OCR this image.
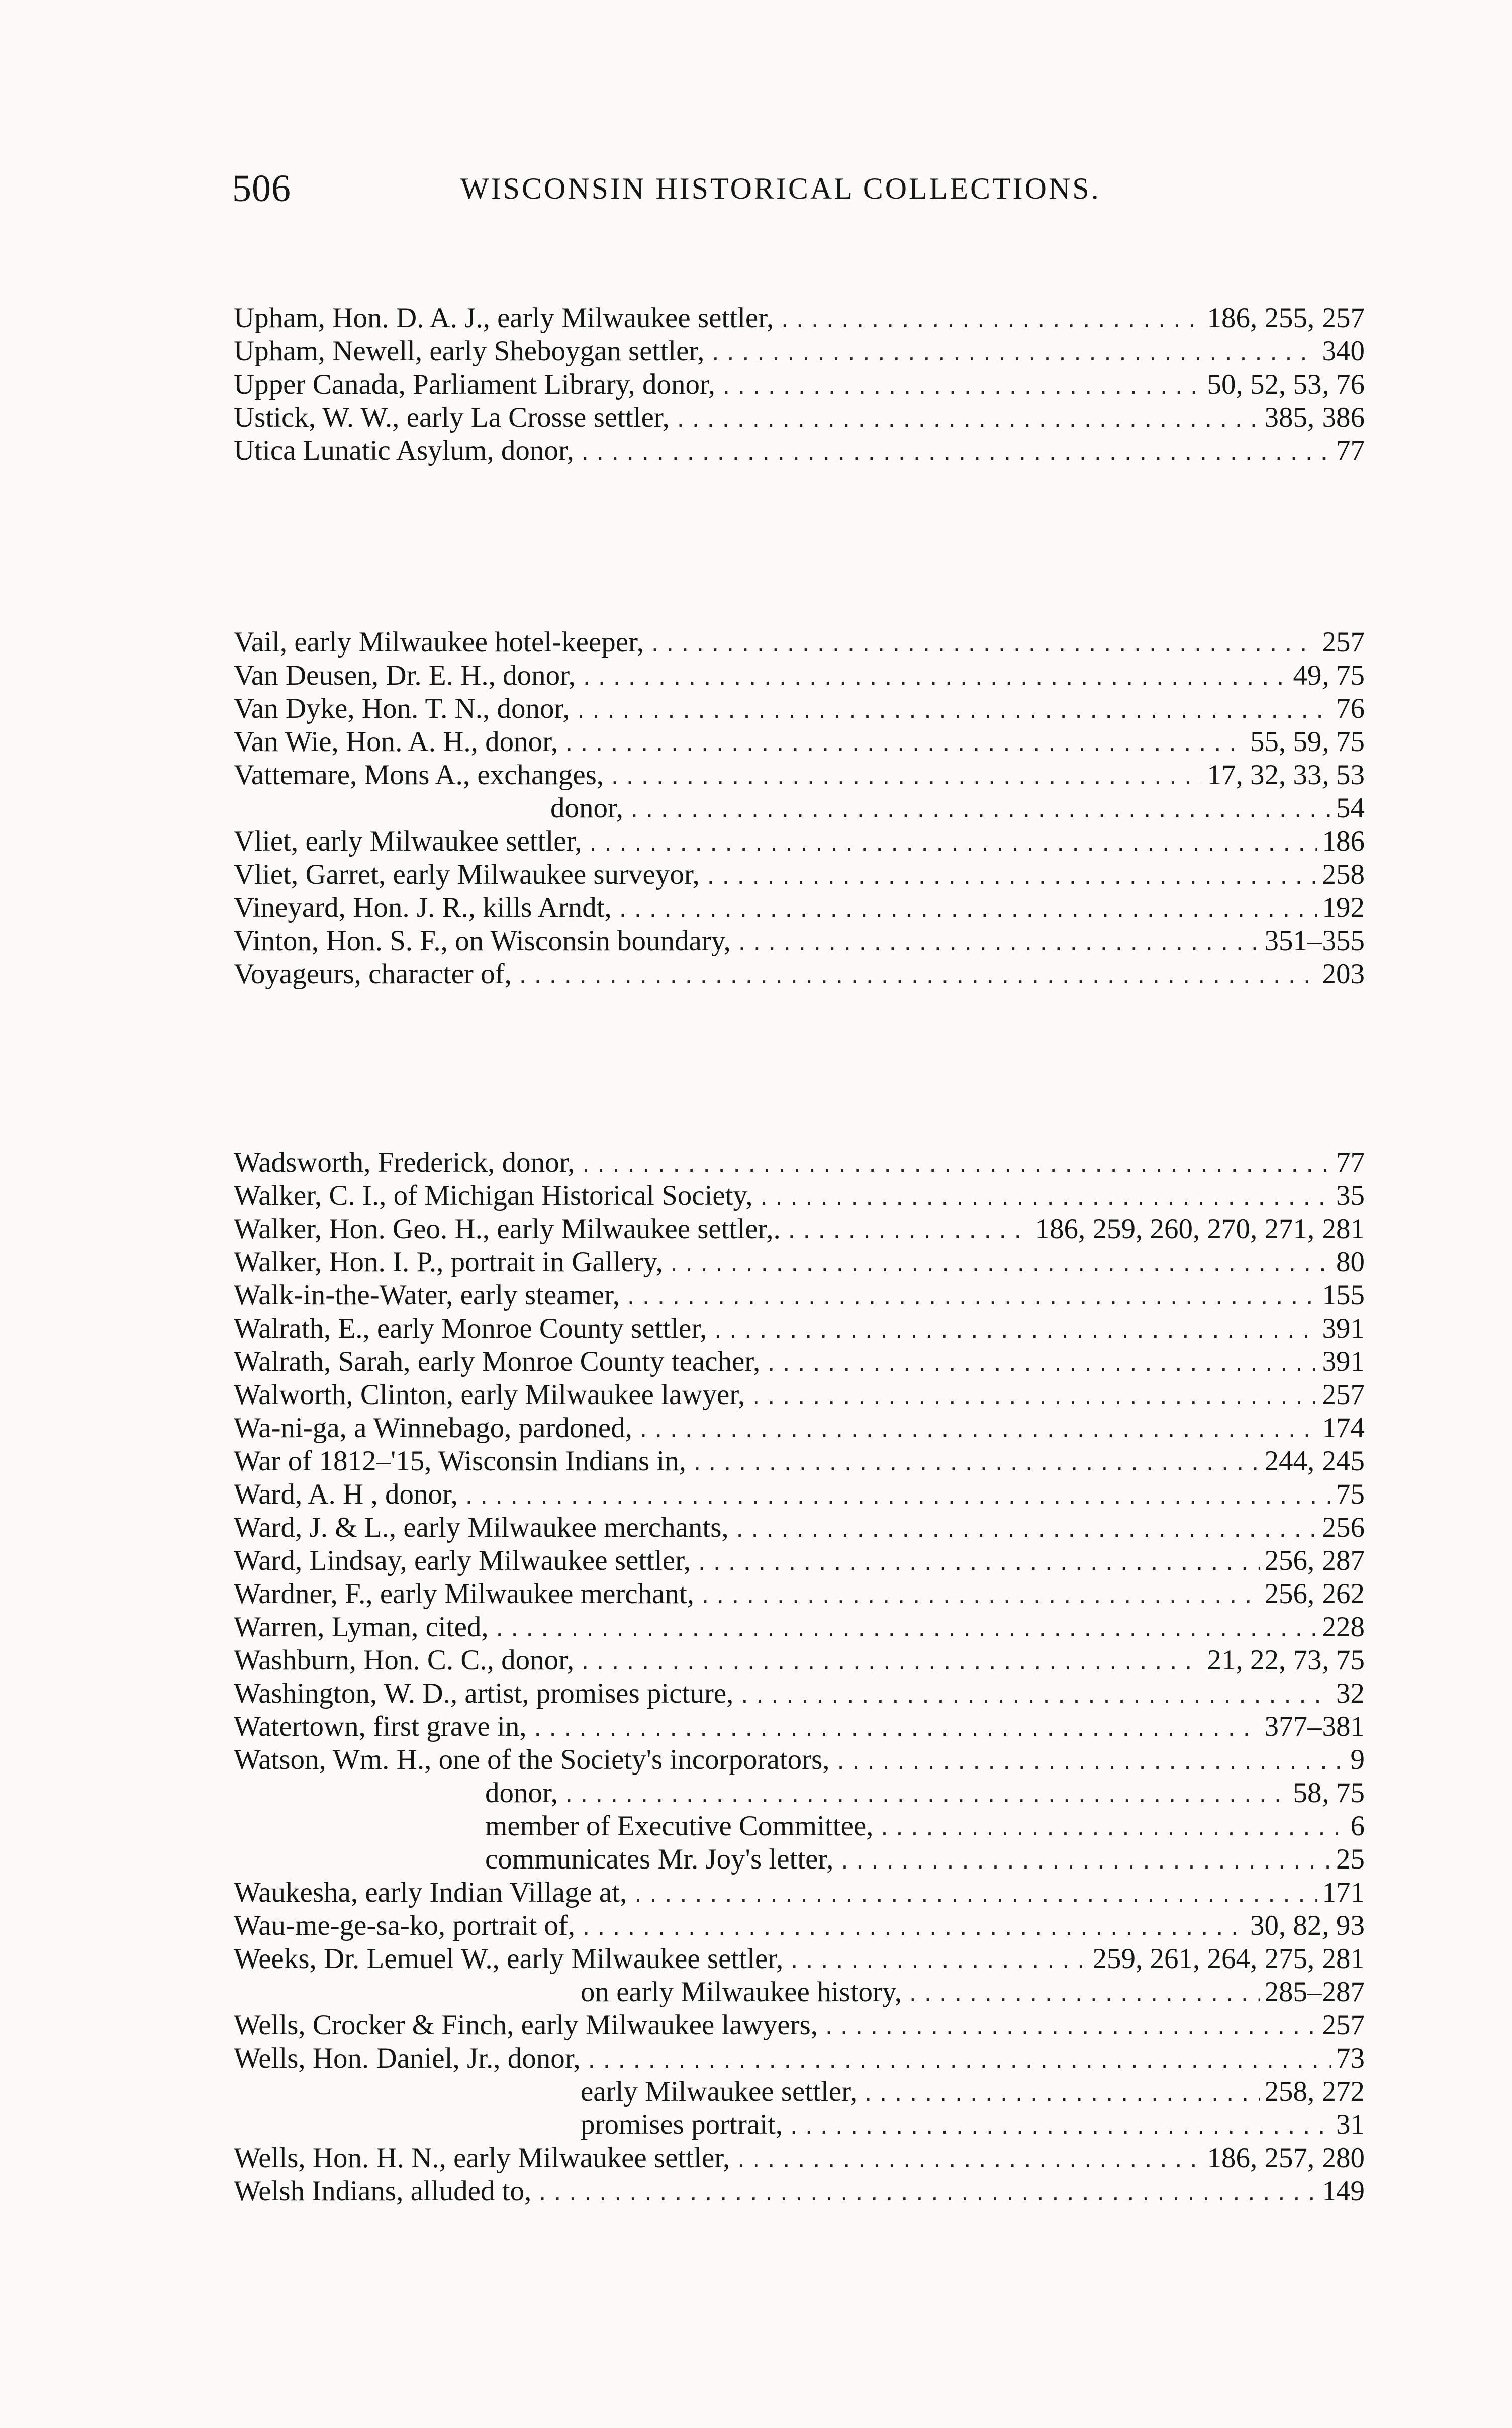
506	WISCONSIN HISTORICAL COLLECTIONS.
Upham, Hon. D. A. J., early Milwaukee settler, .....	186, 255, 257
Upham, Newell, early Sheboygan settler, .....	340
Upper Canada, Parliament Library, donor, .....	50, 52, 53, 76
Ustick, W. W., early La Crosse settler, .....	385, 386
Utica Lunatic Asylum, donor, .....	77
Vail, early Milwaukee hotel-keeper, .....	257
Van Deusen, Dr. E. H., donor, .....	49, 75
Van Dyke, Hon. T. N., donor, .....	76
Van Wie, Hon. A. H., donor, .....	55, 59, 75
Vattemare, Mons A., exchanges, .....	17, 32, 33, 53
donor, .....	54
Vliet, early Milwaukee settler, .....	186
Vliet, Garret, early Milwaukee surveyor, .....	258
Vineyard, Hon. J. R., kills Arndt, .....	192
Vinton, Hon. S. F., on Wisconsin boundary, .....	351–355
Voyageurs, character of, .....	203
Wadsworth, Frederick, donor, .....	77
Walker, C. I., of Michigan Historical Society, .....	35
Walker, Hon. Geo. H., early Milwaukee settler,. .....	186, 259, 260, 270, 271, 281
Walker, Hon. I. P., portrait in Gallery, .....	80
Walk-in-the-Water, early steamer, .....	155
Walrath, E., early Monroe County settler, .....	391
Walrath, Sarah, early Monroe County teacher, .....	391
Walworth, Clinton, early Milwaukee lawyer, .....	257
Wa-ni-ga, a Winnebago, pardoned, .....	174
War of 1812–'15, Wisconsin Indians in, .....	244, 245
Ward, A. H , donor, .....	75
Ward, J. & L., early Milwaukee merchants, .....	256
Ward, Lindsay, early Milwaukee settler, .....	256, 287
Wardner, F., early Milwaukee merchant, .....	256, 262
Warren, Lyman, cited, .....	228
Washburn, Hon. C. C., donor, .....	21, 22, 73, 75
Washington, W. D., artist, promises picture, .....	32
Watertown, first grave in, .....	377–381
Watson, Wm. H., one of the Society's incorporators, .....	9
donor, .....	58, 75
member of Executive Committee, .....	6
communicates Mr. Joy's letter, .....	25
Waukesha, early Indian Village at, .....	171
Wau-me-ge-sa-ko, portrait of, .....	30, 82, 93
Weeks, Dr. Lemuel W., early Milwaukee settler, .....	259, 261, 264, 275, 281
on early Milwaukee history, .....	285–287
Wells, Crocker & Finch, early Milwaukee lawyers, .....	257
Wells, Hon. Daniel, Jr., donor, .....	73
early Milwaukee settler, .....	258, 272
promises portrait, .....	31
Wells, Hon. H. N., early Milwaukee settler, .....	186, 257, 280
Welsh Indians, alluded to, .....	149
